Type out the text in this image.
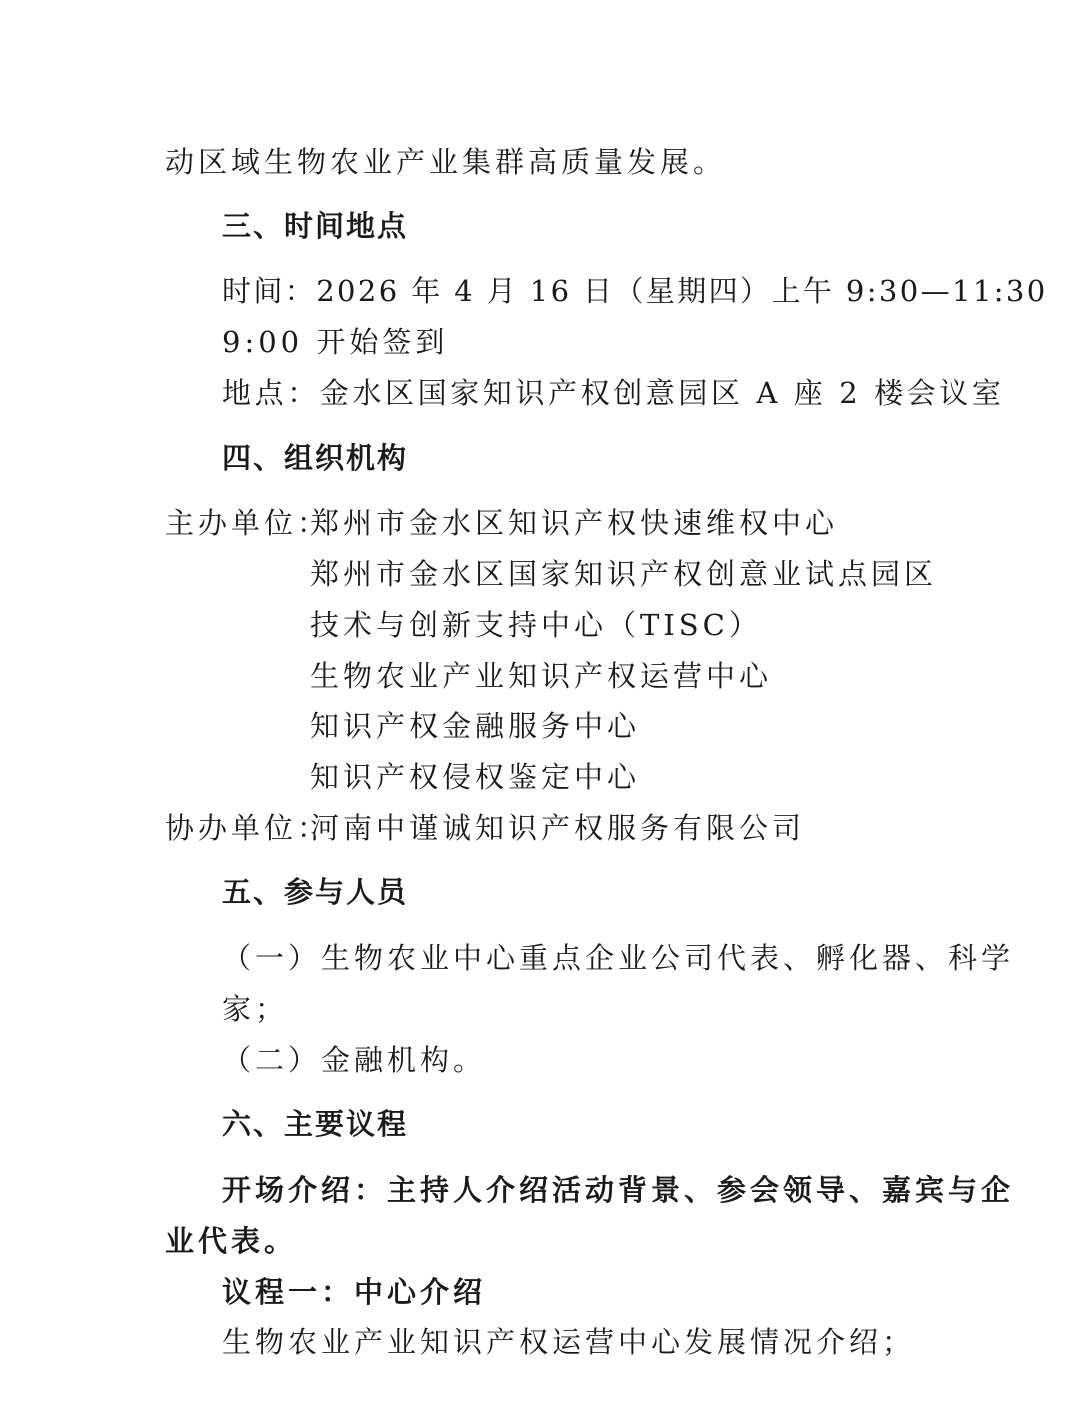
动区域生物农业产业集群高质量发展。
三、时间地点
时间：2026 年 4 月 16 日（星期四）上午 9:30—11:30
9:00 开始签到
地点：金水区国家知识产权创意园区 A 座 2 楼会议室
四、组织机构
主办单位：
郑州市金水区知识产权快速维权中心
郑州市金水区国家知识产权创意业试点园区
技术与创新支持中心（TISC）
生物农业产业知识产权运营中心
知识产权金融服务中心
知识产权侵权鉴定中心
协办单位：
河南中谨诚知识产权服务有限公司
五、参与人员
（一）生物农业中心重点企业公司代表、孵化器、科学
家；
（二）金融机构。
六、主要议程
开场介绍：主持人介绍活动背景、参会领导、嘉宾与企
业代表。
议程一：中心介绍
生物农业产业知识产权运营中心发展情况介绍；
